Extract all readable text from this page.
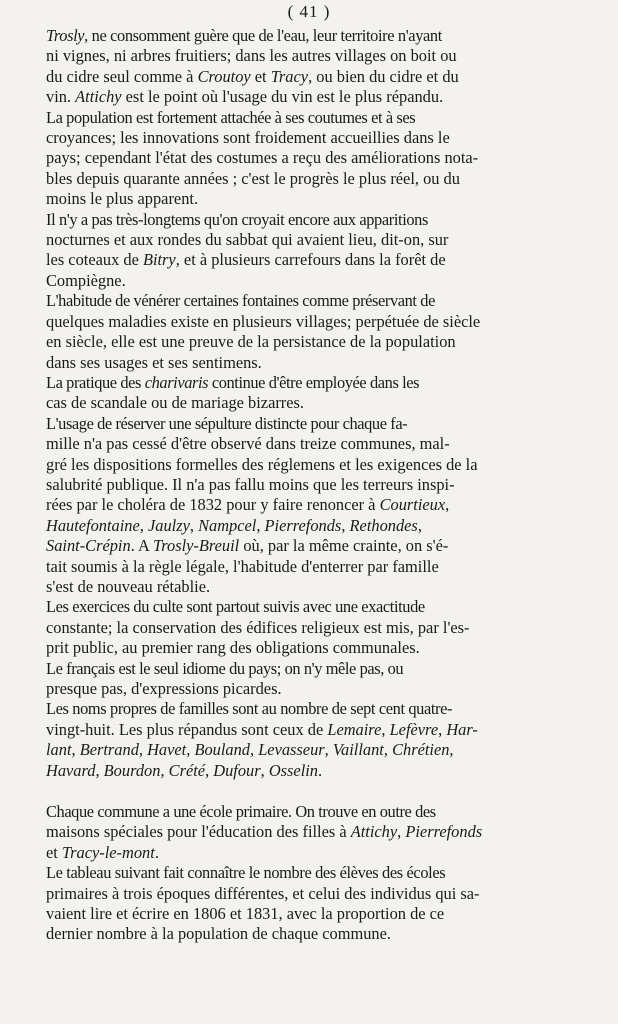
( 41 )

Trosly, ne consomment guère que de l'eau, leur territoire n'ayant
ni vignes, ni arbres fruitiers; dans les autres villages on boit ou
du cidre seul comme à Croutoy et Tracy, ou bien du cidre et du
vin. Attichy est le point où l'usage du vin est le plus répandu.

La population est fortement attachée à ses coutumes et à ses
croyances; les innovations sont froidement accueillies dans le
pays; cependant l'état des costumes a reçu des améliorations nota-
bles depuis quarante années ; c'est le progrès le plus réel, ou du
moins le plus apparent.

Il n'y a pas très-longtems qu'on croyait encore aux apparitions
nocturnes et aux rondes du sabbat qui avaient lieu, dit-on, sur
les coteaux de Bitry, et à plusieurs carrefours dans la forêt de
Compiègne.

L'habitude de vénérer certaines fontaines comme préservant de
quelques maladies existe en plusieurs villages; perpétuée de siècle
en siècle, elle est une preuve de la persistance de la population
dans ses usages et ses sentimens.

La pratique des charivaris continue d'être employée dans les
cas de scandale ou de mariage bizarres.

L'usage de réserver une sépulture distincte pour chaque fa-
mille n'a pas cessé d'être observé dans treize communes, mal-
gré les dispositions formelles des réglemens et les exigences de la
salubrité publique. Il n'a pas fallu moins que les terreurs inspi-
rées par le choléra de 1832 pour y faire renoncer à Courtieux,
Hautefontaine, Jaulzy, Nampcel, Pierrefonds, Rethondes,
Saint-Crépin. A Trosly-Breuil où, par la même crainte, on s'é-
tait soumis à la règle légale, l'habitude d'enterrer par famille
s'est de nouveau rétablie.

Les exercices du culte sont partout suivis avec une exactitude
constante; la conservation des édifices religieux est mis, par l'es-
prit public, au premier rang des obligations communales.

Le français est le seul idiome du pays; on n'y mêle pas, ou
presque pas, d'expressions picardes.

Les noms propres de familles sont au nombre de sept cent quatre-
vingt-huit. Les plus répandus sont ceux de Lemaire, Lefèvre, Har-
lant, Bertrand, Havet, Bouland, Levasseur, Vaillant, Chrétien,
Havard, Bourdon, Crété, Dufour, Osselin.

Chaque commune a une école primaire. On trouve en outre des
maisons spéciales pour l'éducation des filles à Attichy, Pierrefonds
et Tracy-le-mont.

Le tableau suivant fait connaître le nombre des élèves des écoles
primaires à trois époques différentes, et celui des individus qui sa-
vaient lire et écrire en 1806 et 1831, avec la proportion de ce
dernier nombre à la population de chaque commune.
